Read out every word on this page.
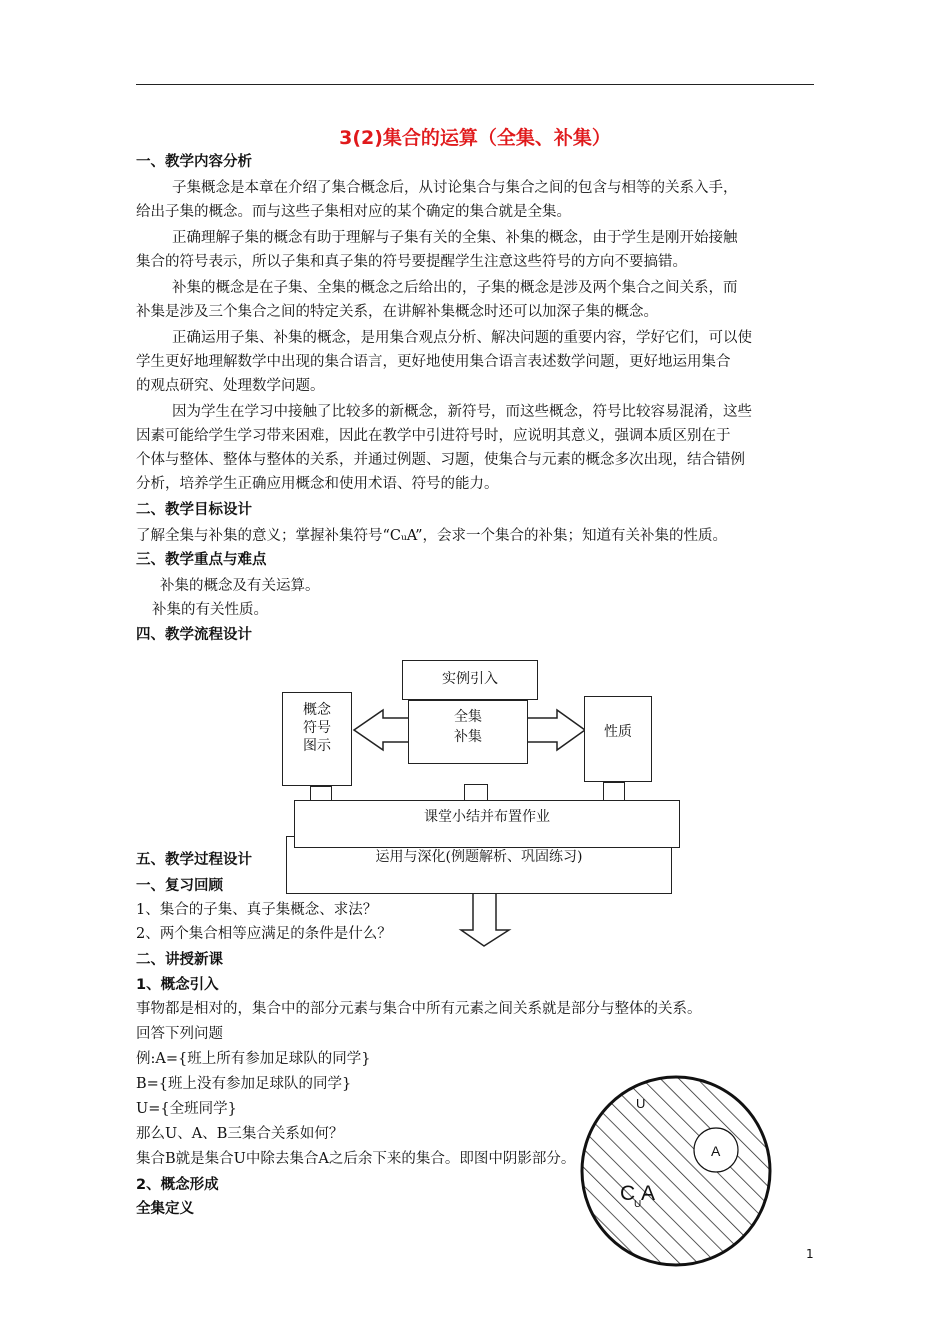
3(2)集合的运算（全集、补集）
一、教学内容分析
子集概念是本章在介绍了集合概念后，从讨论集合与集合之间的包含与相等的关系入手，
给出子集的概念。而与这些子集相对应的某个确定的集合就是全集。
正确理解子集的概念有助于理解与子集有关的全集、补集的概念，由于学生是刚开始接触
集合的符号表示，所以子集和真子集的符号要提醒学生注意这些符号的方向不要搞错。
补集的概念是在子集、全集的概念之后给出的，子集的概念是涉及两个集合之间关系，而
补集是涉及三个集合之间的特定关系，在讲解补集概念时还可以加深子集的概念。
正确运用子集、补集的概念，是用集合观点分析、解决问题的重要内容，学好它们，可以使
学生更好地理解数学中出现的集合语言，更好地使用集合语言表述数学问题，更好地运用集合
的观点研究、处理数学问题。
因为学生在学习中接触了比较多的新概念，新符号，而这些概念，符号比较容易混淆，这些
因素可能给学生学习带来困难，因此在教学中引进符号时，应说明其意义，强调本质区别在于
个体与整体、整体与整体的关系，并通过例题、习题，使集合与元素的概念多次出现，结合错例
分析，培养学生正确应用概念和使用术语、符号的能力。
二、教学目标设计
了解全集与补集的意义；掌握补集符号“CᵤA”，会求一个集合的补集；知道有关补集的性质。
三、教学重点与难点
补集的概念及有关运算。
补集的有关性质。
四、教学流程设计
实例引入
概念
符号
图示
全集
补集	性质
运用与深化(例题解析、巩固练习)
课堂小结并布置作业
五、教学过程设计
一、复习回顾
1、集合的子集、真子集概念、求法？
2、两个集合相等应满足的条件是什么？
二、讲授新课
1、概念引入
事物都是相对的，集合中的部分元素与集合中所有元素之间关系就是部分与整体的关系。
回答下列问题
例:A={班上所有参加足球队的同学}
B={班上没有参加足球队的同学}
U={全班同学}
那么U、A、B三集合关系如何？
集合B就是集合U中除去集合A之后余下来的集合。即图中阴影部分。
2、概念形成
全集定义
U
A
C
U A
1
